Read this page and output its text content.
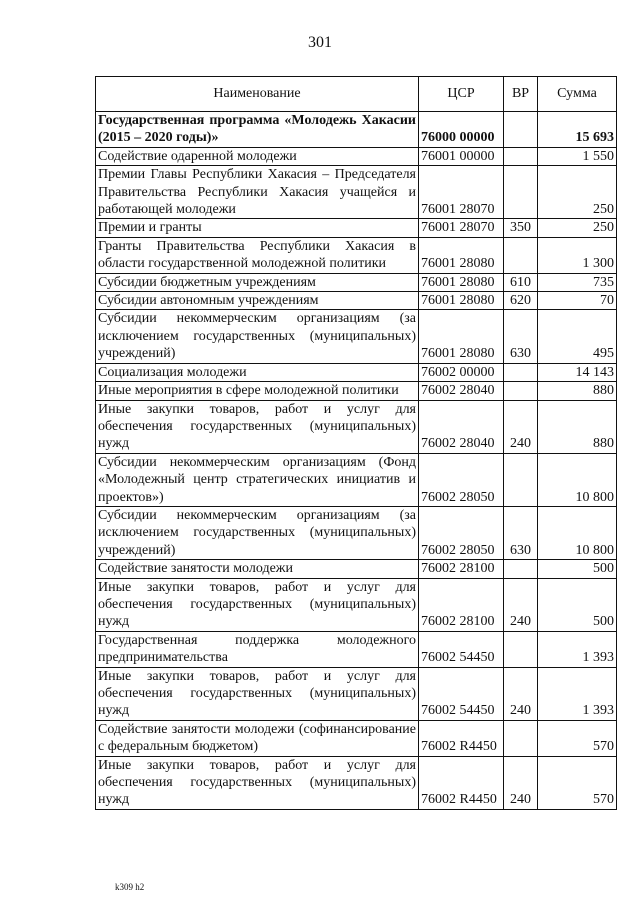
301
Наименование	ЦСР	ВР	Сумма
Государственная программа «Молодежь Хакасии (2015 – 2020 годы)»	76000 00000		15 693
Содействие одаренной молодежи	76001 00000		1 550
Премии Главы Республики Хакасия – Председателя Правительства Республики Хакасия учащейся и работающей молодежи	76001 28070		250
Премии и гранты	76001 28070	350	250
Гранты Правительства Республики Хакасия в области государственной молодежной политики	76001 28080		1 300
Субсидии бюджетным учреждениям	76001 28080	610	735
Субсидии автономным учреждениям	76001 28080	620	70
Субсидии некоммерческим организациям (за исключением государственных (муниципальных) учреждений)	76001 28080	630	495
Социализация молодежи	76002 00000		14 143
Иные мероприятия в сфере молодежной политики	76002 28040		880
Иные закупки товаров, работ и услуг для обеспечения государственных (муниципальных) нужд	76002 28040	240	880
Субсидии некоммерческим организациям (Фонд «Молодежный центр стратегических инициатив и проектов»)	76002 28050		10 800
Субсидии некоммерческим организациям (за исключением государственных (муниципальных) учреждений)	76002 28050	630	10 800
Содействие занятости молодежи	76002 28100		500
Иные закупки товаров, работ и услуг для обеспечения государственных (муниципальных) нужд	76002 28100	240	500
Государственная поддержка молодежного предпринимательства	76002 54450		1 393
Иные закупки товаров, работ и услуг для обеспечения государственных (муниципальных) нужд	76002 54450	240	1 393
Содействие занятости молодежи (софинансирование с федеральным бюджетом)	76002 R4450		570
Иные закупки товаров, работ и услуг для обеспечения государственных (муниципальных) нужд	76002 R4450	240	570
k309 h2
